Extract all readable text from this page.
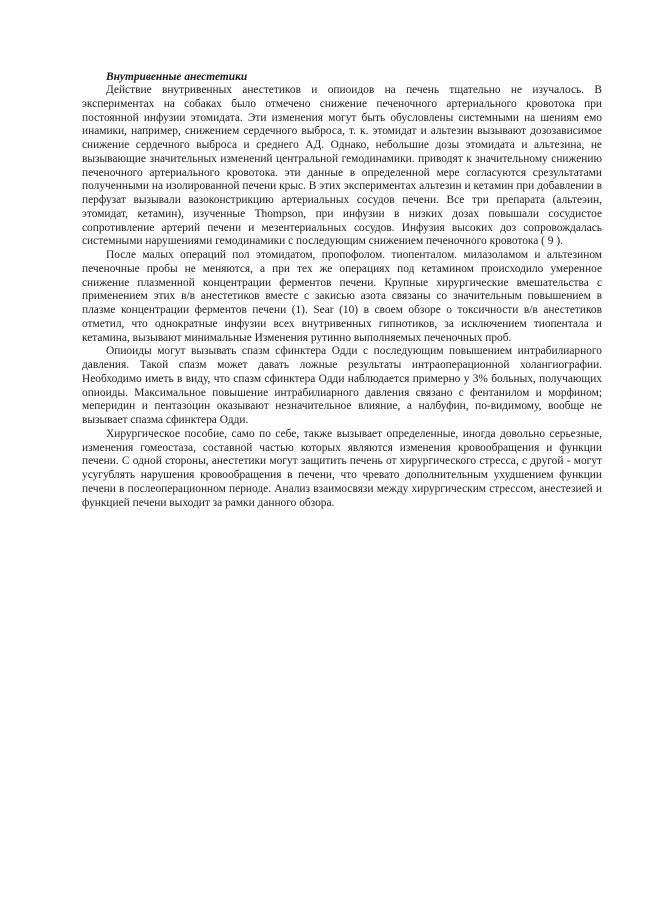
Внутривенные анестетики

Действие внутривенных анестетиков и опиоидов на печень тщательно не изучалось. В экспериментах на собаках было отмечено снижение печеночного артериального кровотока при постоянной инфузии этомидата. Эти изменения могут быть обусловлены системными на шениям емо инамики, например, снижением сердечного выброса, т. к. этомидат и альтезин вызывают дозозависимое снижение сердечного выброса и среднего АД. Однако, небольшие дозы этомидата и альтезина, не вызывающие значительных изменений центральной гемодинамики. приводят к значительному снижению печеночного артериального кровотока. эти данные в определенной мере согласуются срезультатами полученными на изолированной печени крыс. В этих экспериментах альтезин и кетамин при добавлении в перфузат вызывали вазоконстрикцию артериальных сосудов печени. Все три препарата (альтеэин, этомидат, кетамин), изученные Thompson, при инфузии в низких дозах повышали сосудистое сопротивление артерий печени и мезентериальных сосудов. Инфузия высоких доз сопровождалась системными нарушениями гемодинамики с последующим снижением печеночного кровотока ( 9 ).

После малых операций пол этомидатом, пропофолом. тиопенталом. милазоламом и альтезином печеночные пробы не меняются, а при тех же операциях под кетамином происходило умеренное снижение плазменной концентрации ферментов печени. Крупные хирургические вмешательства с применением этих в/в анестетиков вместе с закисью азота связаны со значительным повышением в плазме концентрации ферментов печени (1). Sear (10) в своем обзоре о токсичности в/в анестетиков отметил, что однократные инфузии всех внутривенных гипнотиков, за исключением тиопентала и кетамина, вызывают минимальные Изменения рутинно выполняемых печеночных проб.

Опиоиды могут вызывать спазм сфинктера Одди с последующим повышением интрабилиарного давления. Такой спазм может давать ложные результаты интраоперационной холангиографии. Необходимо иметь в виду, что спазм сфинктера Одди наблюдается примерно у 3% больных, получающих опиоиды. Максимальное повышение интрабилиарного давления связано с фентанилом и морфином; меперидин и пентазоцин оказывают незначительное влияние, а налбуфин, по-видимому, вообще не вызывает спазма сфинктера Одди.

Хирургическое пособие, само по себе, также вызывает определенные, иногда довольно серьезные, изменения гомеостаза, составной частью которых являются изменения кровообращения и функции печени. С одной стороны, анестетики могут защитить печень от хирургического стресса, с другой - могут усугублять нарушения кровообращения в печени, что чревато дополнительным ухудшением функции печени в послеоперационном периоде. Анализ взаимосвязи между хирургическим стрессом, анестезией и функцией печени выходит за рамки данного обзора.
